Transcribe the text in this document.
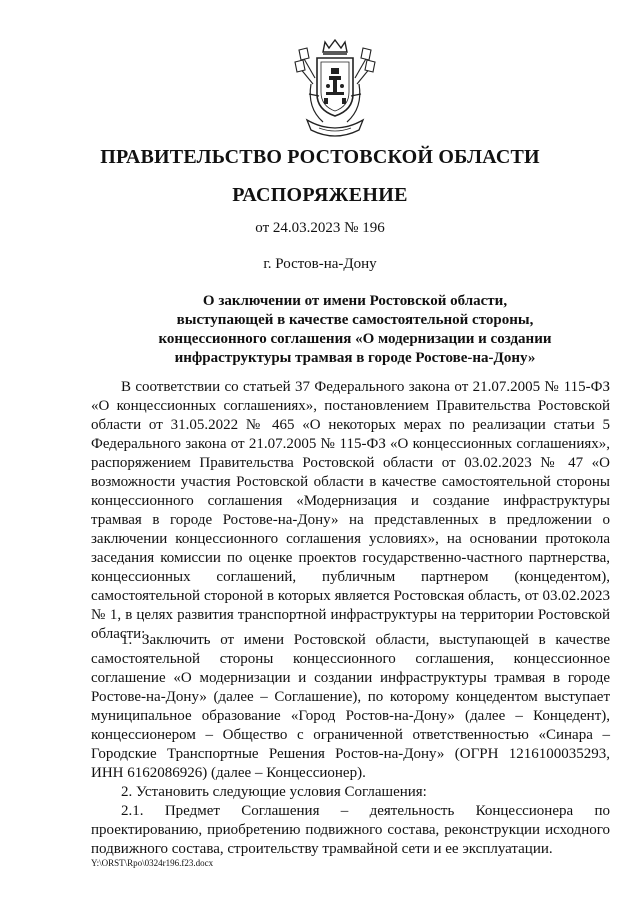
ПРАВИТЕЛЬСТВО РОСТОВСКОЙ ОБЛАСТИ
РАСПОРЯЖЕНИЕ
от 24.03.2023 № 196
г. Ростов-на-Дону
О заключении от имени Ростовской области,
выступающей в качестве самостоятельной стороны,
концессионного соглашения «О модернизации и создании
инфраструктуры трамвая в городе Ростове-на-Дону»

В соответствии со статьей 37 Федерального закона от 21.07.2005 № 115-ФЗ «О концессионных соглашениях», постановлением Правительства Ростовской области от 31.05.2022 № 465 «О некоторых мерах по реализации статьи 5 Федерального закона от 21.07.2005 № 115-ФЗ «О концессионных соглашениях», распоряжением Правительства Ростовской области от 03.02.2023 № 47 «О возможности участия Ростовской области в качестве самостоятельной стороны концессионного соглашения «Модернизация и создание инфраструктуры трамвая в городе Ростове-на-Дону» на представленных в предложении о заключении концессионного соглашения условиях», на основании протокола заседания комиссии по оценке проектов государственно-частного партнерства, концессионных соглашений, публичным партнером (концедентом), самостоятельной стороной в которых является Ростовская область, от 03.02.2023 № 1, в целях развития транспортной инфраструктуры на территории Ростовской области:

1. Заключить от имени Ростовской области, выступающей в качестве самостоятельной стороны концессионного соглашения, концессионное соглашение «О модернизации и создании инфраструктуры трамвая в городе Ростове-на-Дону» (далее – Соглашение), по которому концедентом выступает муниципальное образование «Город Ростов-на-Дону» (далее – Концедент), концессионером – Общество с ограниченной ответственностью «Синара – Городские Транспортные Решения Ростов-на-Дону» (ОГРН 1216100035293, ИНН 6162086926) (далее – Концессионер).

2. Установить следующие условия Соглашения:

2.1. Предмет Соглашения – деятельность Концессионера по проектированию, приобретению подвижного состава, реконструкции исходного подвижного состава, строительству трамвайной сети и ее эксплуатации.

Y:\ORST\Rpo\0324r196.f23.docx
